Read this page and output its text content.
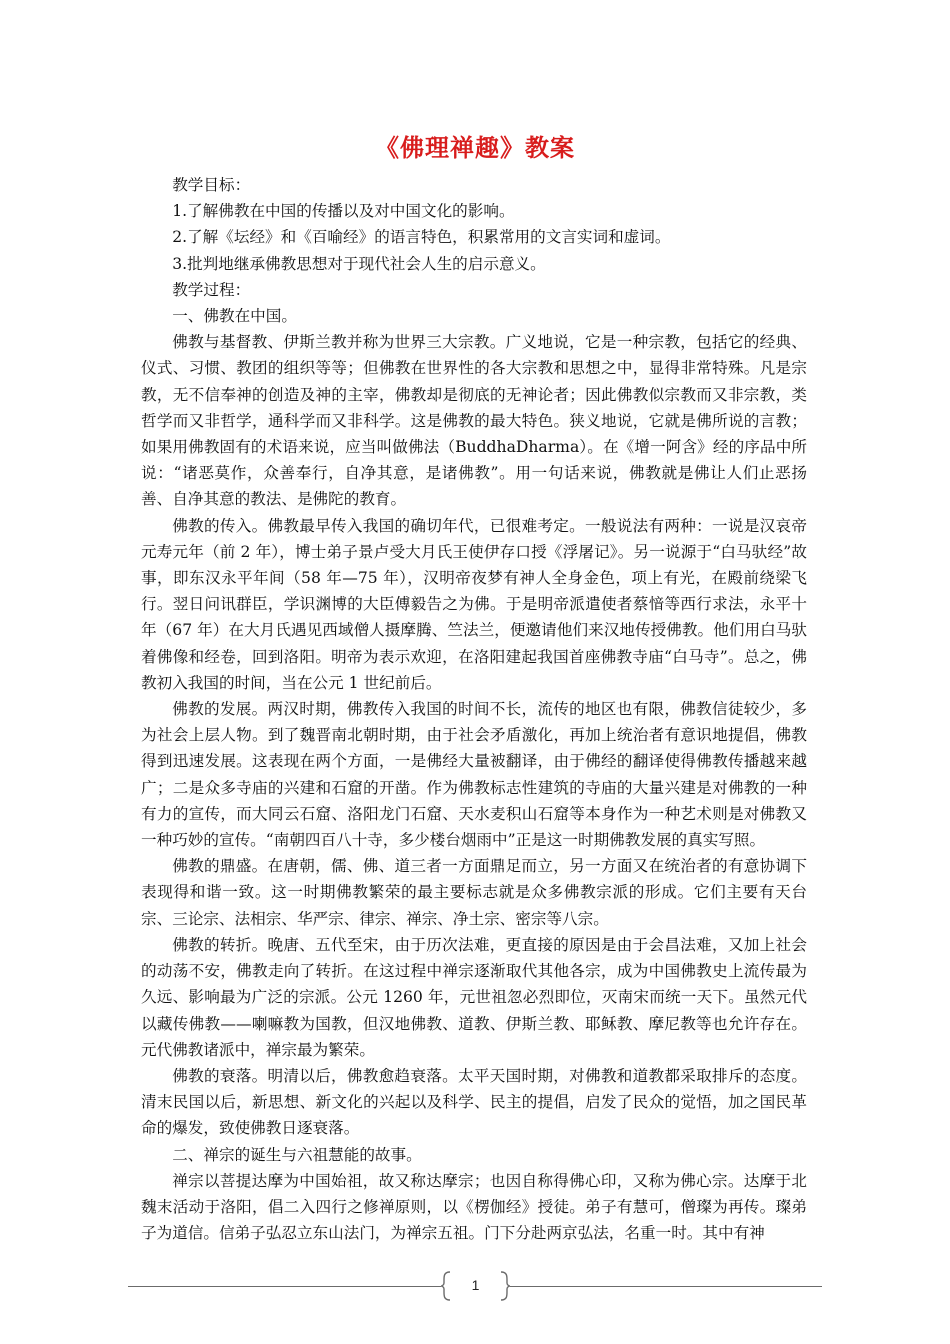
《佛理禅趣》教案

教学目标：

1.了解佛教在中国的传播以及对中国文化的影响。

2.了解《坛经》和《百喻经》的语言特色，积累常用的文言实词和虚词。

3.批判地继承佛教思想对于现代社会人生的启示意义。

教学过程：

一、佛教在中国。

佛教与基督教、伊斯兰教并称为世界三大宗教。广义地说，它是一种宗教，包括它的经典、仪式、习惯、教团的组织等等；但佛教在世界性的各大宗教和思想之中，显得非常特殊。凡是宗教，无不信奉神的创造及神的主宰，佛教却是彻底的无神论者；因此佛教似宗教而又非宗教，类哲学而又非哲学，通科学而又非科学。这是佛教的最大特色。狭义地说，它就是佛所说的言教；如果用佛教固有的术语来说，应当叫做佛法（BuddhaDharma）。在《增一阿含》经的序品中所说：“诸恶莫作，众善奉行，自净其意，是诸佛教”。用一句话来说，佛教就是佛让人们止恶扬善、自净其意的教法、是佛陀的教育。

佛教的传入。佛教最早传入我国的确切年代，已很难考定。一般说法有两种：一说是汉哀帝元寿元年（前 2 年），博士弟子景卢受大月氏王使伊存口授《浮屠记》。另一说源于“白马驮经”故事，即东汉永平年间（58 年—75 年），汉明帝夜梦有神人全身金色，项上有光，在殿前绕梁飞行。翌日问讯群臣，学识渊博的大臣傅毅告之为佛。于是明帝派遣使者蔡愔等西行求法，永平十年（67 年）在大月氏遇见西域僧人摄摩腾、竺法兰，便邀请他们来汉地传授佛教。他们用白马驮着佛像和经卷，回到洛阳。明帝为表示欢迎，在洛阳建起我国首座佛教寺庙“白马寺”。总之，佛教初入我国的时间，当在公元 1 世纪前后。

佛教的发展。两汉时期，佛教传入我国的时间不长，流传的地区也有限，佛教信徒较少，多为社会上层人物。到了魏晋南北朝时期，由于社会矛盾激化，再加上统治者有意识地提倡，佛教得到迅速发展。这表现在两个方面，一是佛经大量被翻译，由于佛经的翻译使得佛教传播越来越广；二是众多寺庙的兴建和石窟的开凿。作为佛教标志性建筑的寺庙的大量兴建是对佛教的一种有力的宣传，而大同云石窟、洛阳龙门石窟、天水麦积山石窟等本身作为一种艺术则是对佛教又一种巧妙的宣传。“南朝四百八十寺，多少楼台烟雨中”正是这一时期佛教发展的真实写照。

佛教的鼎盛。在唐朝，儒、佛、道三者一方面鼎足而立，另一方面又在统治者的有意协调下表现得和谐一致。这一时期佛教繁荣的最主要标志就是众多佛教宗派的形成。它们主要有天台宗、三论宗、法相宗、华严宗、律宗、禅宗、净土宗、密宗等八宗。

佛教的转折。晚唐、五代至宋，由于历次法难，更直接的原因是由于会昌法难，又加上社会的动荡不安，佛教走向了转折。在这过程中禅宗逐渐取代其他各宗，成为中国佛教史上流传最为久远、影响最为广泛的宗派。公元 1260 年，元世祖忽必烈即位，灭南宋而统一天下。虽然元代以藏传佛教——喇嘛教为国教，但汉地佛教、道教、伊斯兰教、耶稣教、摩尼教等也允许存在。元代佛教诸派中，禅宗最为繁荣。

佛教的衰落。明清以后，佛教愈趋衰落。太平天国时期，对佛教和道教都采取排斥的态度。清末民国以后，新思想、新文化的兴起以及科学、民主的提倡，启发了民众的觉悟，加之国民革命的爆发，致使佛教日逐衰落。

二、禅宗的诞生与六祖慧能的故事。

禅宗以菩提达摩为中国始祖，故又称达摩宗；也因自称得佛心印，又称为佛心宗。达摩于北魏末活动于洛阳，倡二入四行之修禅原则，以《楞伽经》授徒。弟子有慧可，僧璨为再传。璨弟子为道信。信弟子弘忍立东山法门，为禅宗五祖。门下分赴两京弘法，名重一时。其中有神

1
